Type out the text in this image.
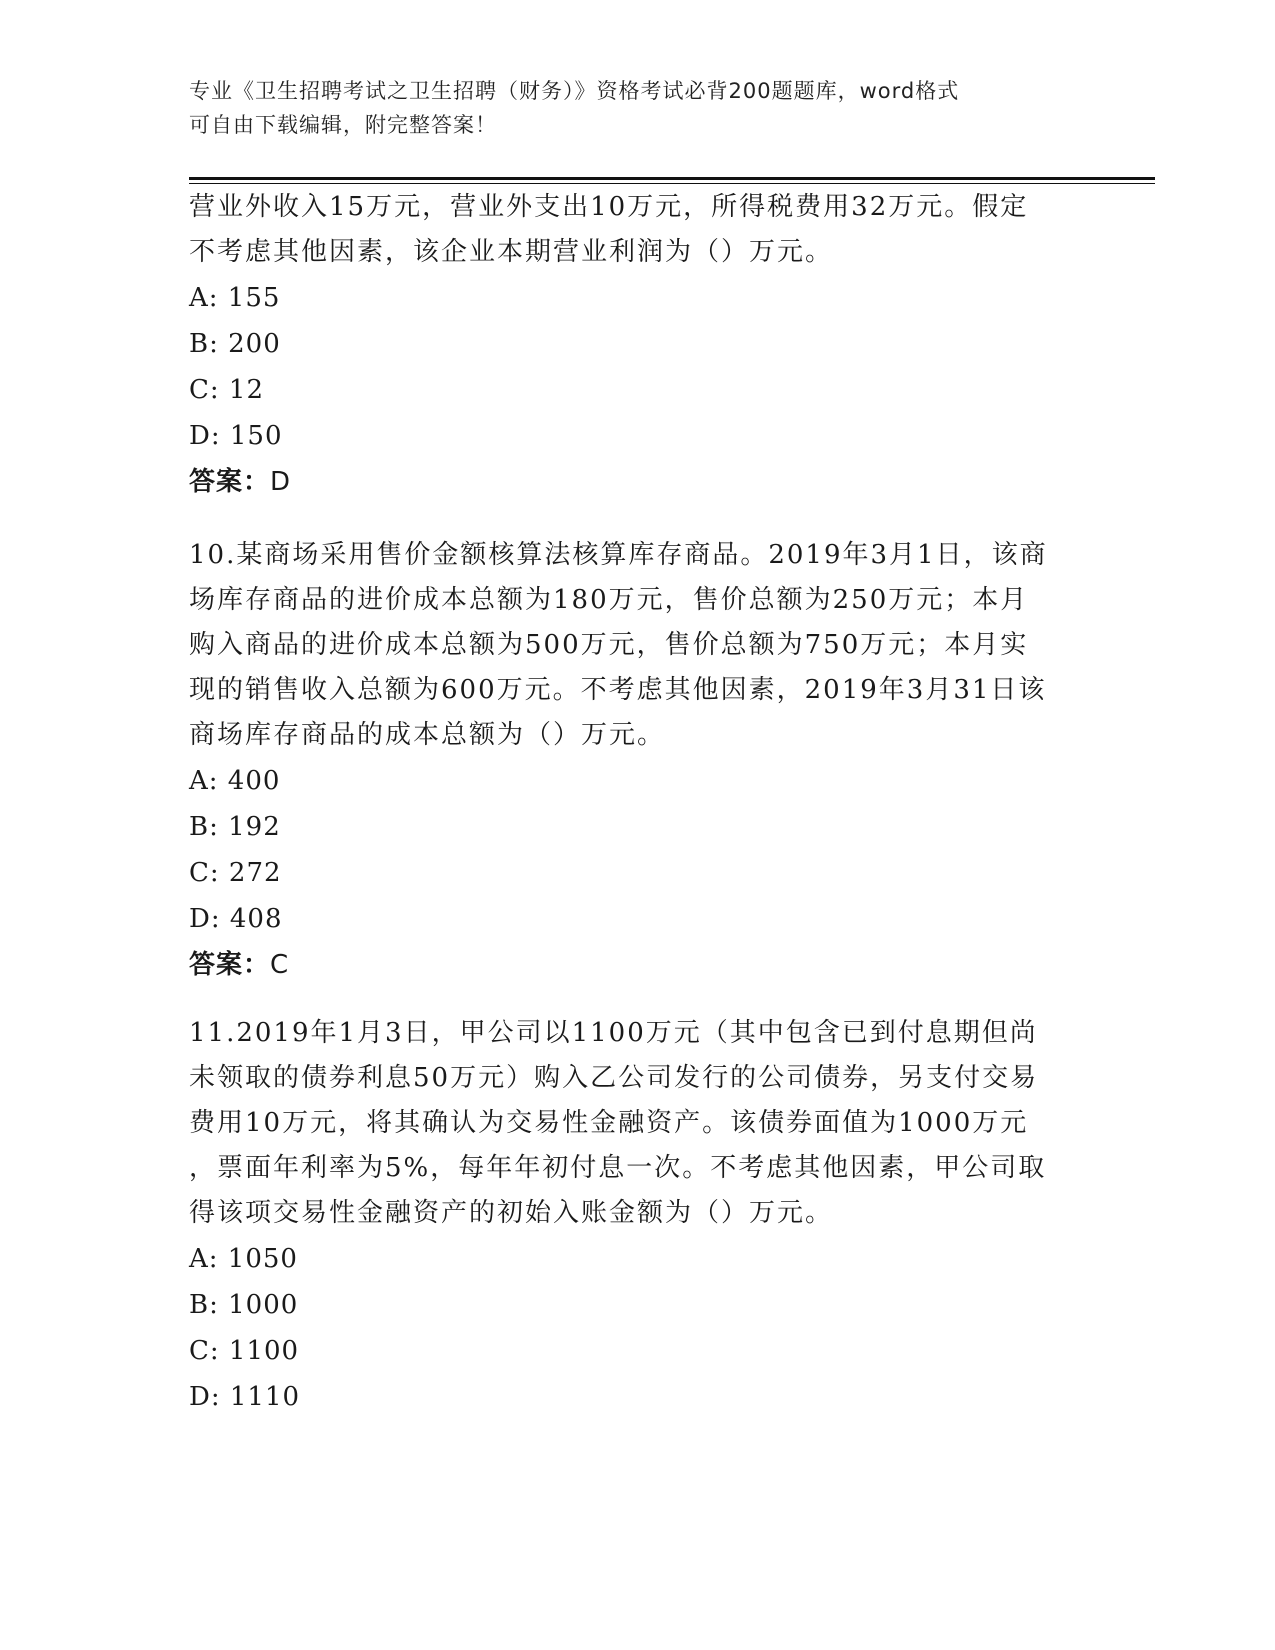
专业《卫生招聘考试之卫生招聘（财务）》资格考试必背200题题库，word格式
可自由下载编辑，附完整答案！

营业外收入15万元，营业外支出10万元，所得税费用32万元。假定

不考虑其他因素，该企业本期营业利润为（）万元。

A: 155

B: 200

C: 12

D: 150

答案：D

10.某商场采用售价金额核算法核算库存商品。2019年3月1日，该商

场库存商品的进价成本总额为180万元，售价总额为250万元；本月

购入商品的进价成本总额为500万元，售价总额为750万元；本月实

现的销售收入总额为600万元。不考虑其他因素，2019年3月31日该

商场库存商品的成本总额为（）万元。

A: 400

B: 192

C: 272

D: 408

答案：C

11.2019年1月3日，甲公司以1100万元（其中包含已到付息期但尚

未领取的债券利息50万元）购入乙公司发行的公司债券，另支付交易

费用10万元，将其确认为交易性金融资产。该债券面值为1000万元

，票面年利率为5%，每年年初付息一次。不考虑其他因素，甲公司取

得该项交易性金融资产的初始入账金额为（）万元。

A: 1050

B: 1000

C: 1100

D: 1110
